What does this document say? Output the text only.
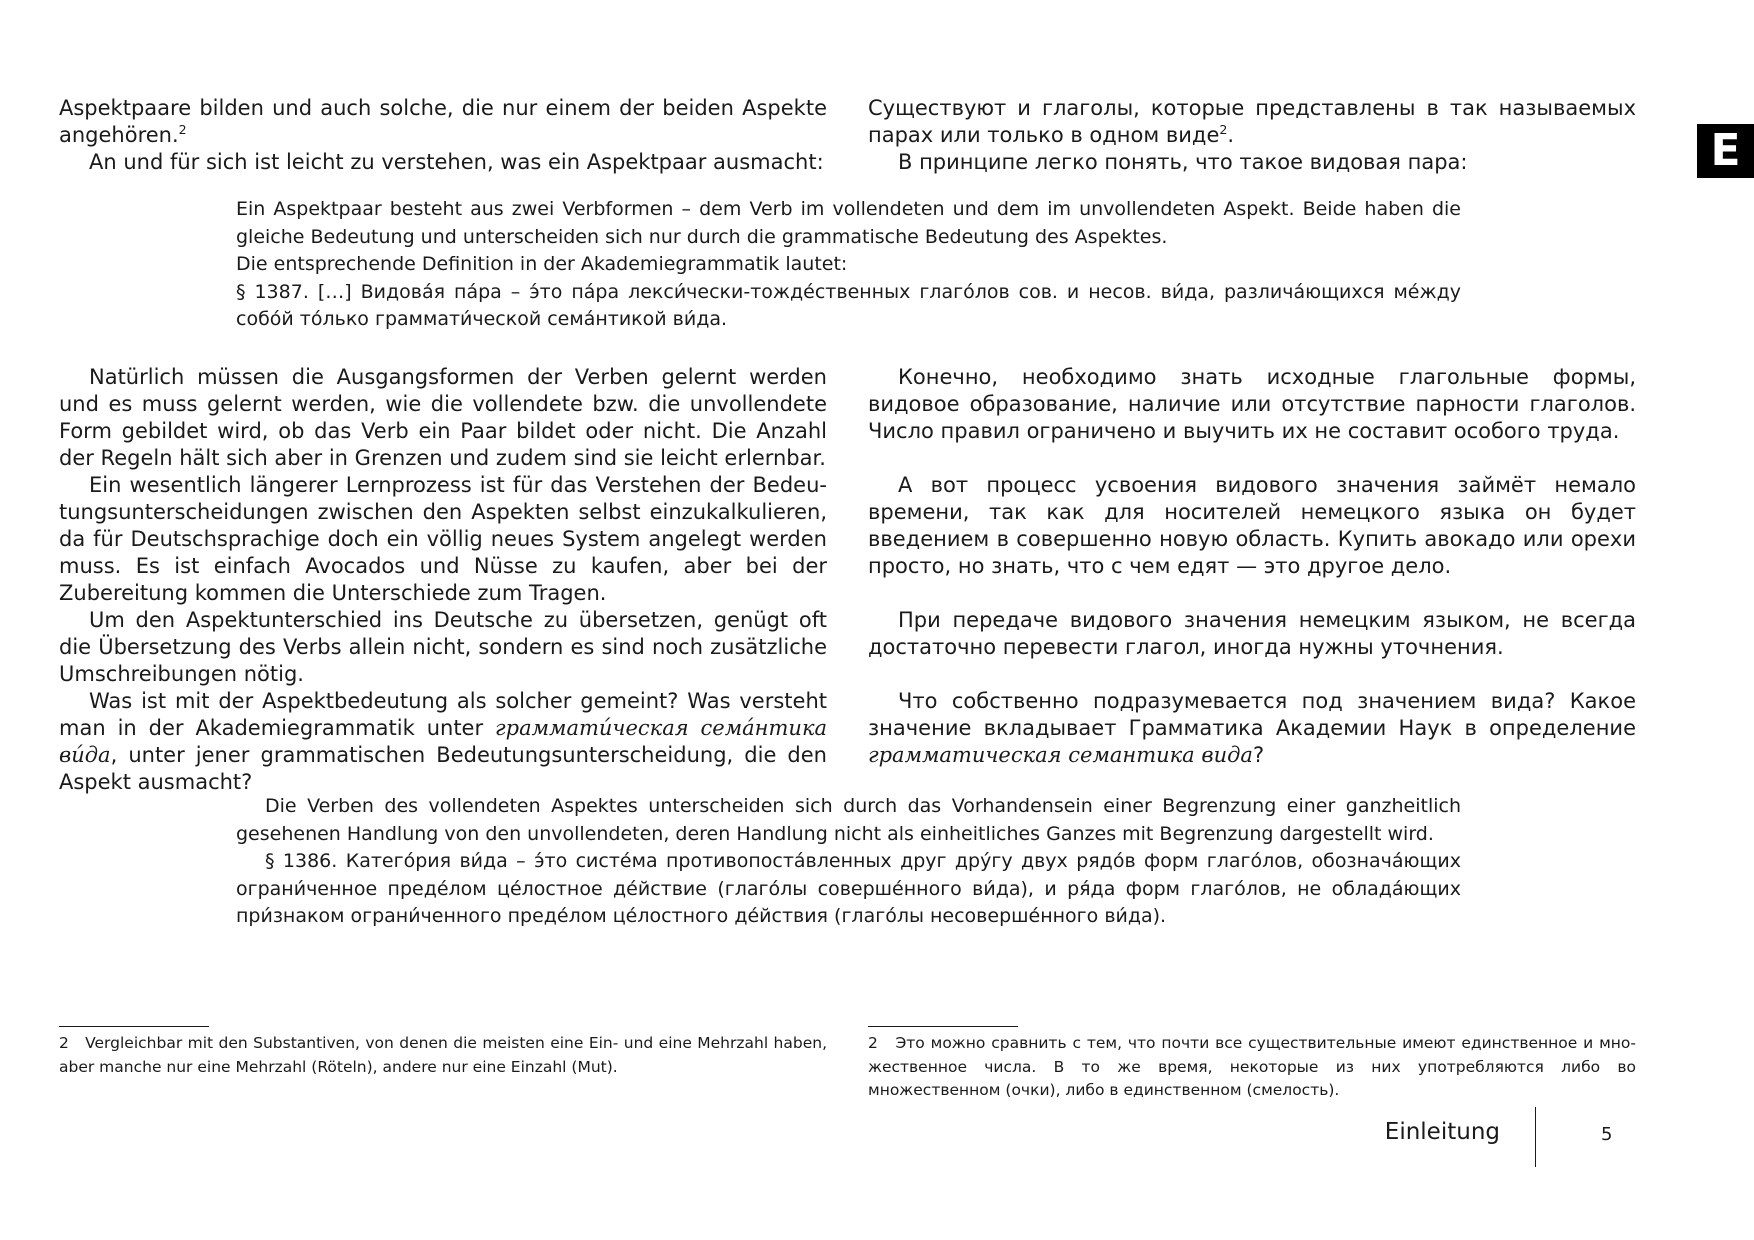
E

Aspektpaare bilden und auch solche, die nur einem der beiden Aspekte angehören.$^2$

An und für sich ist leicht zu verstehen, was ein Aspektpaar ausmacht:

Существуют и глаголы, которые представлены в так называемых парах или только в одном виде$^2$.

В принципе легко понять, что такое видовая пара:

Ein Aspektpaar besteht aus zwei Verbformen – dem Verb im vollendeten und dem im unvollendeten Aspekt. Beide haben die gleiche Bedeutung und unterscheiden sich nur durch die grammatische Bedeutung des Aspektes.

Die entsprechende Definition in der Akademiegrammatik lautet:

§ 1387. […] Видова́я па́ра – э́то па́ра лекси́чески-тожде́ственных глаго́лов сов. и несов. ви́да, различа́ющихся ме́жду собо́й то́лько граммати́ческой сема́нтикой ви́да.

Natürlich müssen die Ausgangsformen der Verben gelernt werden und es muss gelernt werden, wie die vollendete bzw. die unvollendete Form gebildet wird, ob das Verb ein Paar bildet oder nicht. Die Anzahl der Regeln hält sich aber in Grenzen und zudem sind sie leicht erlernbar.

Ein wesentlich längerer Lernprozess ist für das Verstehen der Bedeutungsunterscheidungen zwischen den Aspekten selbst einzukalkulieren, da für Deutschsprachige doch ein völlig neues System angelegt werden muss. Es ist einfach Avocados und Nüsse zu kaufen, aber bei der Zubereitung kommen die Unterschiede zum Tragen.

Um den Aspektunterschied ins Deutsche zu übersetzen, genügt oft die Übersetzung des Verbs allein nicht, sondern es sind noch zusätzliche Umschreibungen nötig.

Was ist mit der Aspektbedeutung als solcher gemeint? Was versteht man in der Akademiegrammatik unter граммати́ческая сема́нтика ви́да, unter jener grammatischen Bedeutungsunterscheidung, die den Aspekt ausmacht?

Конечно, необходимо знать исходные глагольные формы, видовое образование, наличие или отсутствие парности глаголов. Число правил ограничено и выучить их не составит особого труда.

А вот процесс усвоения видового значения займёт немало времени, так как для носителей немецкого языка он будет введением в совершенно новую область. Купить авокадо или орехи просто, но знать, что с чем едят — это другое дело.

При передаче видового значения немецким языком, не всегда достаточно перевести глагол, иногда нужны уточнения.

Что собственно подразумевается под значением вида? Какое значение вкладывает Грамматика Академии Наук в определение грамматическая семантика вида?

Die Verben des vollendeten Aspektes unterscheiden sich durch das Vorhandensein einer Begrenzung einer ganzheitlich gesehenen Handlung von den unvollendeten, deren Handlung nicht als einheitliches Ganzes mit Begrenzung dargestellt wird.

§ 1386. Катего́рия ви́да – э́то систе́ма противопоста́вленных друг дру́гу двух рядо́в форм глаго́лов, обознача́ющих ограни́ченное преде́лом це́лостное де́йствие (глаго́лы соверше́нного ви́да), и ря́да форм глаго́лов, не облада́ющих при́знаком ограни́ченного преде́лом це́лостного де́йствия (глаго́лы несоверше́нного ви́да).

2 Vergleichbar mit den Substantiven, von denen die meisten eine Ein- und eine Mehrzahl haben, aber manche nur eine Mehrzahl (Röteln), andere nur eine Einzahl (Mut).

2 Это можно сравнить с тем, что почти все существительные имеют единственное и множественное числа. В то же время, некоторые из них употребляются либо во множественном (очки), либо в единственном (смелость).

Einleitung	5
